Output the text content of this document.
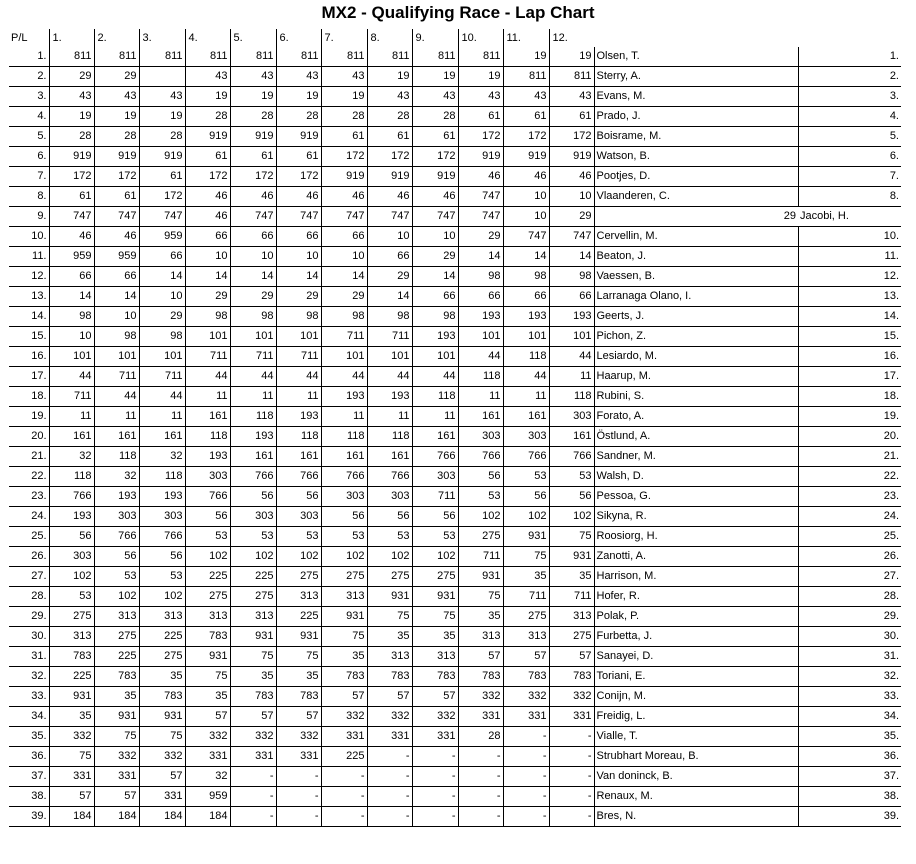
MX2 - Qualifying Race - Lap Chart
P/L	1.	2.	3.	4.	5.	6.	7.	8.	9.	10.	11.	12.		
1.	811	811	811	811	811	811	811	811	811	811	19	19	Olsen, T.	1.
2.	29	29		43	43	43	43	19	19	19	811	811	Sterry, A.	2.
3.	43	43	43	19	19	19	19	43	43	43	43	43	Evans, M.	3.
4.	19	19	19	28	28	28	28	28	28	61	61	61	Prado, J.	4.
5.	28	28	28	919	919	919	61	61	61	172	172	172	Boisrame, M.	5.
6.	919	919	919	61	61	61	172	172	172	919	919	919	Watson, B.	6.
7.	172	172	61	172	172	172	919	919	919	46	46	46	Pootjes, D.	7.
8.	61	61	172	46	46	46	46	46	46	747	10	10	Vlaanderen, C.	8.
9.	747	747	747	46	747	747	747	747	747	747	10	29	29	Jacobi, H.
10.	46	46	959	66	66	66	66	10	10	29	747	747	Cervellin, M.	10.
11.	959	959	66	10	10	10	10	66	29	14	14	14	Beaton, J.	11.
12.	66	66	14	14	14	14	14	29	14	98	98	98	Vaessen, B.	12.
13.	14	14	10	29	29	29	29	14	66	66	66	66	Larranaga Olano, I.	13.
14.	98	10	29	98	98	98	98	98	98	193	193	193	Geerts, J.	14.
15.	10	98	98	101	101	101	711	711	193	101	101	101	Pichon, Z.	15.
16.	101	101	101	711	711	711	101	101	101	44	118	44	Lesiardo, M.	16.
17.	44	711	711	44	44	44	44	44	44	118	44	11	Haarup, M.	17.
18.	711	44	44	11	11	11	193	193	118	11	11	118	Rubini, S.	18.
19.	11	11	11	161	118	193	11	11	11	161	161	303	Forato, A.	19.
20.	161	161	161	118	193	118	118	118	161	303	303	161	Östlund, A.	20.
21.	32	118	32	193	161	161	161	161	766	766	766	766	Sandner, M.	21.
22.	118	32	118	303	766	766	766	766	303	56	53	53	Walsh, D.	22.
23.	766	193	193	766	56	56	303	303	711	53	56	56	Pessoa, G.	23.
24.	193	303	303	56	303	303	56	56	56	102	102	102	Sikyna, R.	24.
25.	56	766	766	53	53	53	53	53	53	275	931	75	Roosiorg, H.	25.
26.	303	56	56	102	102	102	102	102	102	711	75	931	Zanotti, A.	26.
27.	102	53	53	225	225	275	275	275	275	931	35	35	Harrison, M.	27.
28.	53	102	102	275	275	313	313	931	931	75	711	711	Hofer, R.	28.
29.	275	313	313	313	313	225	931	75	75	35	275	313	Polak, P.	29.
30.	313	275	225	783	931	931	75	35	35	313	313	275	Furbetta, J.	30.
31.	783	225	275	931	75	75	35	313	313	57	57	57	Sanayei, D.	31.
32.	225	783	35	75	35	35	783	783	783	783	783	783	Toriani, E.	32.
33.	931	35	783	35	783	783	57	57	57	332	332	332	Conijn, M.	33.
34.	35	931	931	57	57	57	332	332	332	331	331	331	Freidig, L.	34.
35.	332	75	75	332	332	332	331	331	331	28	-	-	Vialle, T.	35.
36.	75	332	332	331	331	331	225	-	-	-	-	-	Strubhart Moreau, B.	36.
37.	331	331	57	32	-	-	-	-	-	-	-	-	Van doninck, B.	37.
38.	57	57	331	959	-	-	-	-	-	-	-	-	Renaux, M.	38.
39.	184	184	184	184	-	-	-	-	-	-	-	-	Bres, N.	39.
